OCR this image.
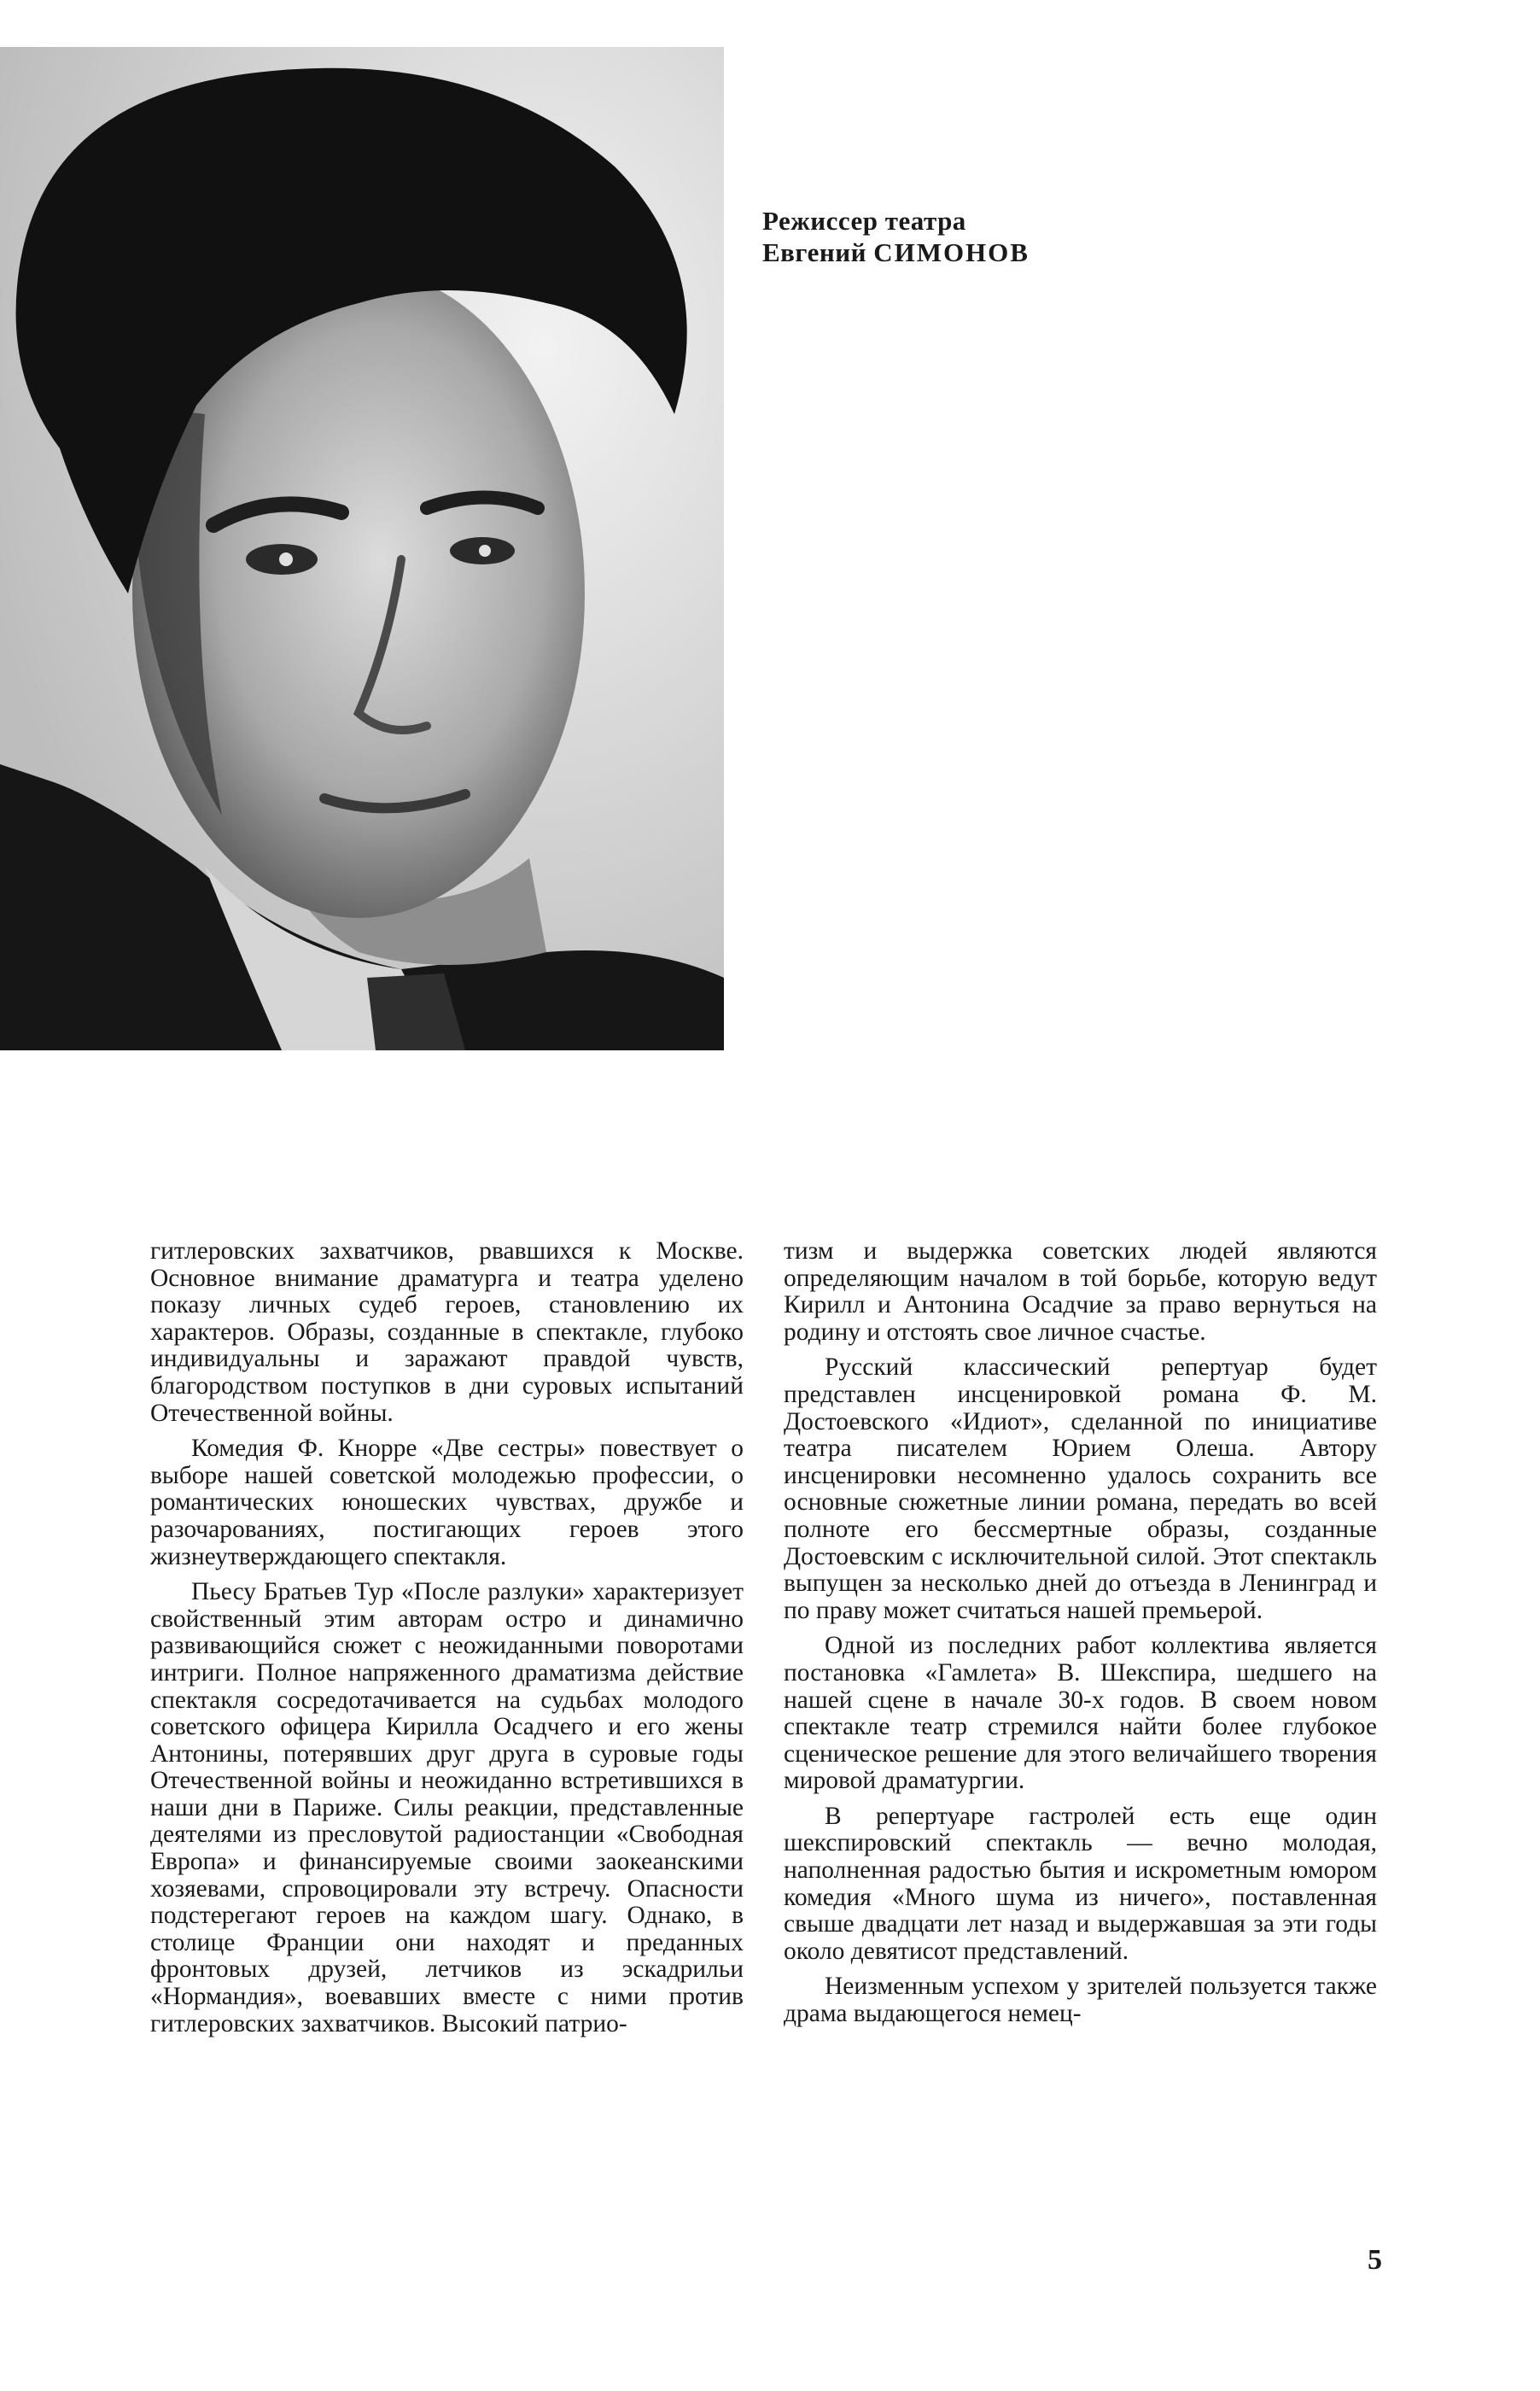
Режиссер театра
Евгений СИМОНОВ

гитлеровских захватчиков, рвавшихся к Москве. Основное внимание драматурга и театра уделено показу личных судеб героев, становлению их характеров. Образы, созданные в спектакле, глубоко индивидуальны и заражают правдой чувств, благородством поступков в дни суровых испытаний Отечественной войны.

Комедия Ф. Кнорре «Две сестры» повествует о выборе нашей советской молодежью профессии, о романтических юношеских чувствах, дружбе и разочарованиях, постигающих героев этого жизнеутверждающего спектакля.

Пьесу Братьев Тур «После разлуки» характеризует свойственный этим авторам остро и динамично развивающийся сюжет с неожиданными поворотами интриги. Полное напряженного драматизма действие спектакля сосредотачивается на судьбах молодого советского офицера Кирилла Осадчего и его жены Антонины, потерявших друг друга в суровые годы Отечественной войны и неожиданно встретившихся в наши дни в Париже. Силы реакции, представленные деятелями из пресловутой радиостанции «Свободная Европа» и финансируемые своими заокеанскими хозяевами, спровоцировали эту встречу. Опасности подстерегают героев на каждом шагу. Однако, в столице Франции они находят и преданных фронтовых друзей, летчиков из эскадрильи «Нормандия», воевавших вместе с ними против гитлеровских захватчиков. Высокий патрио-

тизм и выдержка советских людей являются определяющим началом в той борьбе, которую ведут Кирилл и Антонина Осадчие за право вернуться на родину и отстоять свое личное счастье.

Русский классический репертуар будет представлен инсценировкой романа Ф. М. Достоевского «Идиот», сделанной по инициативе театра писателем Юрием Олеша. Автору инсценировки несомненно удалось сохранить все основные сюжетные линии романа, передать во всей полноте его бессмертные образы, созданные Достоевским с исключительной силой. Этот спектакль выпущен за несколько дней до отъезда в Ленинград и по праву может считаться нашей премьерой.

Одной из последних работ коллектива является постановка «Гамлета» В. Шекспира, шедшего на нашей сцене в начале 30-х годов. В своем новом спектакле театр стремился найти более глубокое сценическое решение для этого величайшего творения мировой драматургии.

В репертуаре гастролей есть еще один шекспировский спектакль — вечно молодая, наполненная радостью бытия и искрометным юмором комедия «Много шума из ничего», поставленная свыше двадцати лет назад и выдержавшая за эти годы около девятисот представлений.

Неизменным успехом у зрителей пользуется также драма выдающегося немец-

5
